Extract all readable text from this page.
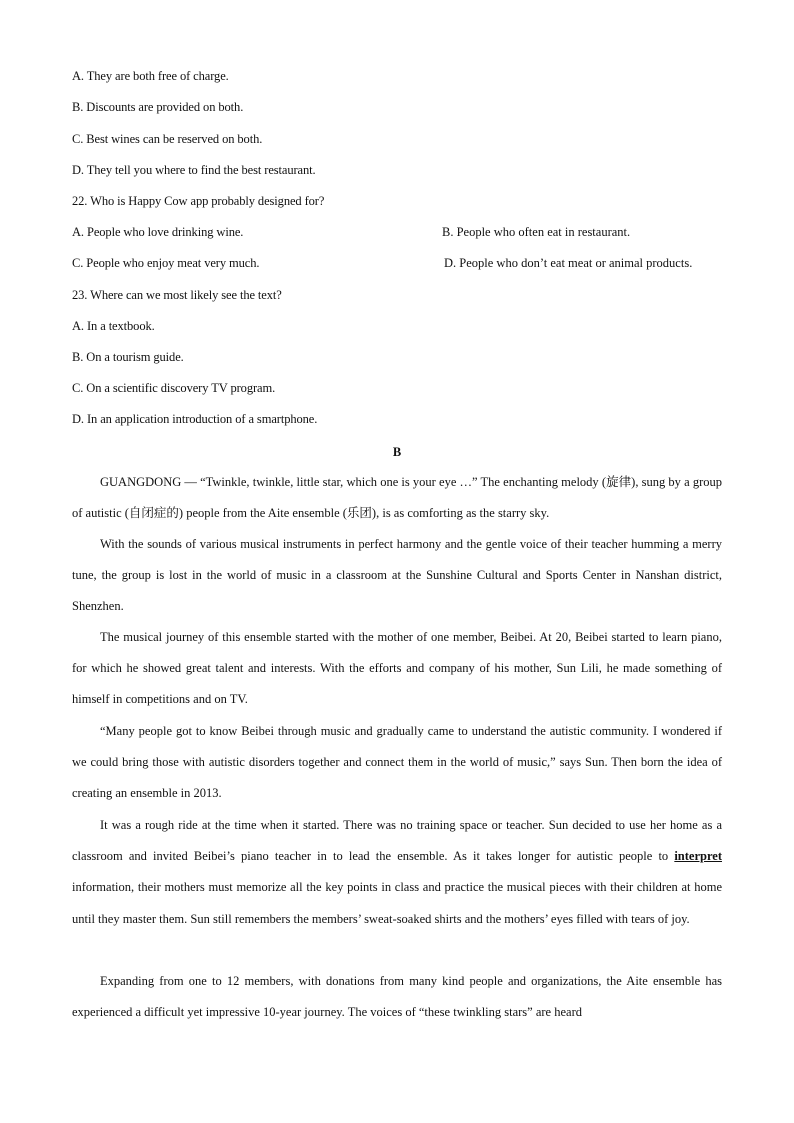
A. They are both free of charge.
B. Discounts are provided on both.
C. Best wines can be reserved on both.
D. They tell you where to find the best restaurant.
22. Who is Happy Cow app probably designed for?
A. People who love drinking wine.	B. People who often eat in restaurant.
C. People who enjoy meat very much.	D. People who don’t eat meat or animal products.
23. Where can we most likely see the text?
A. In a textbook.
B. On a tourism guide.
C. On a scientific discovery TV program.
D. In an application introduction of a smartphone.
B
GUANGDONG — “Twinkle, twinkle, little star, which one is your eye …” The enchanting melody (旋律), sung by a group of autistic (自闭症的) people from the Aite ensemble (乐团), is as comforting as the starry sky.
With the sounds of various musical instruments in perfect harmony and the gentle voice of their teacher humming a merry tune, the group is lost in the world of music in a classroom at the Sunshine Cultural and Sports Center in Nanshan district, Shenzhen.
The musical journey of this ensemble started with the mother of one member, Beibei. At 20, Beibei started to learn piano, for which he showed great talent and interests. With the efforts and company of his mother, Sun Lili, he made something of himself in competitions and on TV.
“Many people got to know Beibei through music and gradually came to understand the autistic community. I wondered if we could bring those with autistic disorders together and connect them in the world of music,” says Sun. Then born the idea of creating an ensemble in 2013.
It was a rough ride at the time when it started. There was no training space or teacher. Sun decided to use her home as a classroom and invited Beibei’s piano teacher in to lead the ensemble. As it takes longer for autistic people to interpret information, their mothers must memorize all the key points in class and practice the musical pieces with their children at home until they master them. Sun still remembers the members’ sweat-soaked shirts and the mothers’ eyes filled with tears of joy.
Expanding from one to 12 members, with donations from many kind people and organizations, the Aite ensemble has experienced a difficult yet impressive 10-year journey. The voices of “these twinkling stars” are heard
